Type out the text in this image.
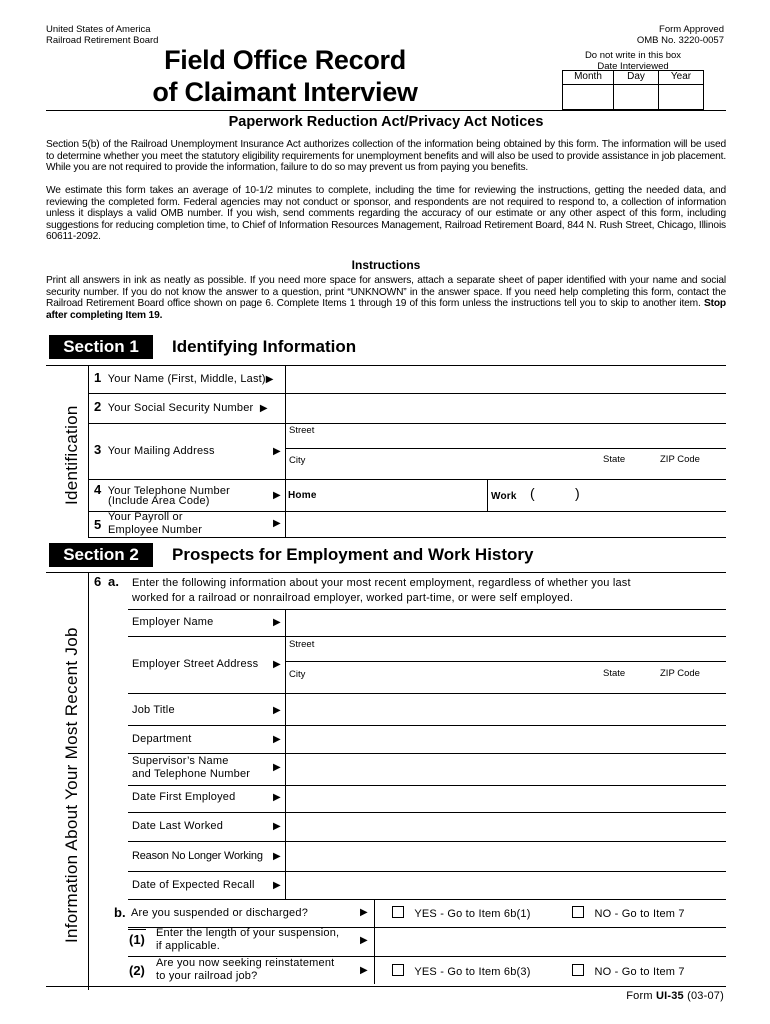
United States of America
Railroad Retirement Board
Form Approved
OMB No. 3220-0057
Field Office Record
of Claimant Interview
Do not write in this box
Date Interviewed
Month	Day	Year
Paperwork Reduction Act/Privacy Act Notices
Section 5(b) of the Railroad Unemployment Insurance Act authorizes collection of the information being obtained by this form. The information will be used to determine whether you meet the statutory eligibility requirements for unemployment benefits and will also be used to provide assistance in job placement. While you are not required to provide the information, failure to do so may prevent us from paying you benefits.
We estimate this form takes an average of 10-1/2 minutes to complete, including the time for reviewing the instructions, getting the needed data, and reviewing the completed form. Federal agencies may not conduct or sponsor, and respondents are not required to respond to, a collection of information unless it displays a valid OMB number. If you wish, send comments regarding the accuracy of our estimate or any other aspect of this form, including suggestions for reducing completion time, to Chief of Information Resources Management, Railroad Retirement Board, 844 N. Rush Street, Chicago, Illinois 60611-2092.
Instructions
Print all answers in ink as neatly as possible. If you need more space for answers, attach a separate sheet of paper identified with your name and social security number. If you do not know the answer to a question, print “UNKNOWN” in the answer space. If you need help completing this form, contact the Railroad Retirement Board office shown on page 6. Complete Items 1 through 19 of this form unless the instructions tell you to skip to another item. Stop after completing Item 19.
Section 1	Identifying Information
Identification
1 Your Name (First, Middle, Last)▶
2 Your Social Security Number ▶
Street
3 Your Mailing Address	▶
City	State	ZIP Code
4 Your Telephone Number
(Include Area Code)	▶ Home	Work (	)
5 Your Payroll or
Employee Number
▶
Section 2	Prospects for Employment and Work History
Information About Your Most Recent Job
6 a. Enter the following information about your most recent employment, regardless of whether you last
worked for a railroad or nonrailroad employer, worked part-time, or were self employed.
Employer Name	▶
Street
Employer Street Address ▶
City	State	ZIP Code
Job Title	▶
Department	▶
Supervisor’s Name
and Telephone Number
▶
Date First Employed	▶
Date Last Worked	▶
Reason No Longer Working ▶
Date of Expected Recall ▶
b. Are you suspended or discharged?	▶	YES - Go to Item 6b(1)	NO - Go to Item 7
(1) Enter the length of your suspension,
if applicable.	▶
(2) Are you now seeking reinstatement
to your railroad job?	▶	YES - Go to Item 6b(3)	NO - Go to Item 7
Form UI-35 (03-07)
